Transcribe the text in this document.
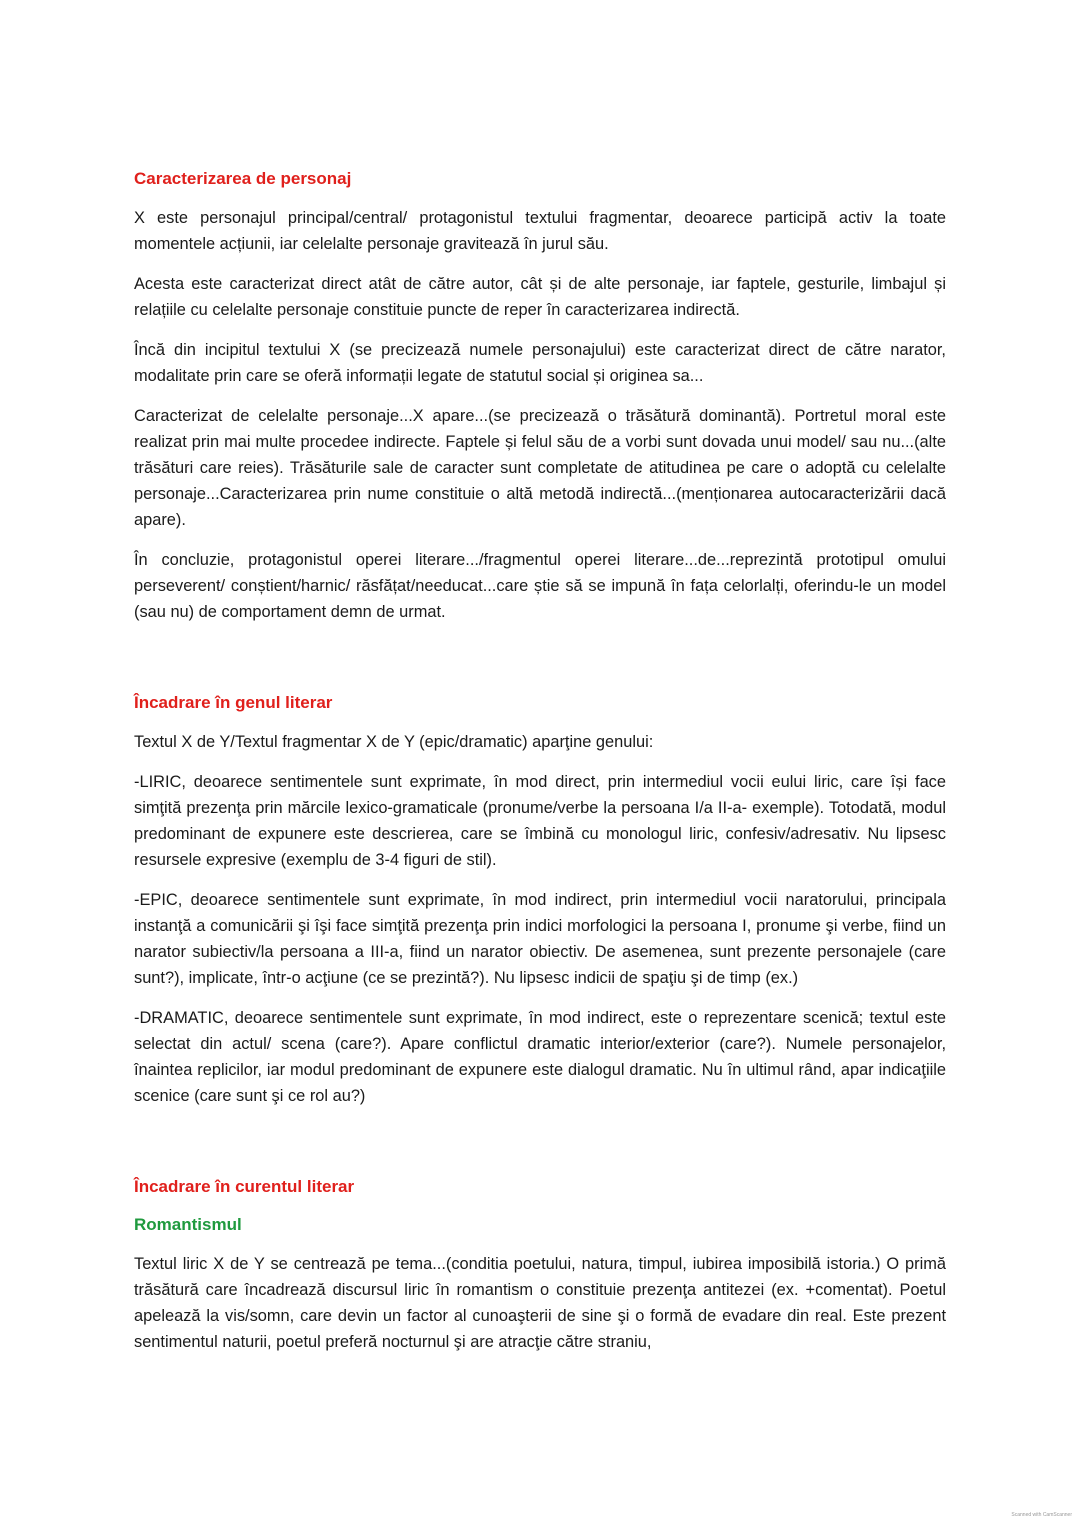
Caracterizarea de personaj

X este personajul principal/central/ protagonistul textului fragmentar, deoarece participă activ la toate momentele acțiunii, iar celelalte personaje gravitează în jurul său.

Acesta este caracterizat direct atât de către autor, cât și de alte personaje, iar faptele, gesturile, limbajul și relațiile cu celelalte personaje constituie puncte de reper în caracterizarea indirectă.

Încă din incipitul textului X (se precizează numele personajului) este caracterizat direct de către narator, modalitate prin care se oferă informații legate de statutul social și originea sa...

Caracterizat de celelalte personaje...X apare...(se precizează o trăsătură dominantă). Portretul moral este realizat prin mai multe procedee indirecte. Faptele și felul său de a vorbi sunt dovada unui model/ sau nu...(alte trăsături care reies). Trăsăturile sale de caracter sunt completate de atitudinea pe care o adoptă cu celelalte personaje...Caracterizarea prin nume constituie o altă metodă indirectă...(menționarea autocaracterizării dacă apare).

În concluzie, protagonistul operei literare.../fragmentul operei literare...de...reprezintă prototipul omului perseverent/ conștient/harnic/ răsfățat/needucat...care știe să se impună în fața celorlalți, oferindu-le un model (sau nu) de comportament demn de urmat.

Încadrare în genul literar

Textul X de Y/Textul fragmentar X de Y (epic/dramatic) aparţine genului:

-LIRIC, deoarece sentimentele sunt exprimate, în mod direct, prin intermediul vocii eului liric, care își face simţită prezenţa prin mărcile lexico-gramaticale (pronume/verbe la persoana I/a II-a- exemple). Totodată, modul predominant de expunere este descrierea, care se îmbină cu monologul liric, confesiv/adresativ. Nu lipsesc resursele expresive (exemplu de 3-4 figuri de stil).

-EPIC, deoarece sentimentele sunt exprimate, în mod indirect, prin intermediul vocii naratorului, principala instanţă a comunicării şi îşi face simţită prezenţa prin indici morfologici la persoana I, pronume şi verbe, fiind un narator subiectiv/la persoana a III-a, fiind un narator obiectiv. De asemenea, sunt prezente personajele (care sunt?), implicate, într-o acţiune (ce se prezintă?). Nu lipsesc indicii de spaţiu şi de timp (ex.)

-DRAMATIC, deoarece sentimentele sunt exprimate, în mod indirect, este o reprezentare scenică; textul este selectat din actul/ scena (care?). Apare conflictul dramatic interior/exterior (care?). Numele personajelor, înaintea replicilor, iar modul predominant de expunere este dialogul dramatic. Nu în ultimul rând, apar indicaţiile scenice (care sunt şi ce rol au?)

Încadrare în curentul literar
Romantismul

Textul liric X de Y se centrează pe tema...(conditia poetului, natura, timpul, iubirea imposibilă istoria.) O primă trăsătură care încadrează discursul liric în romantism o constituie prezenţa antitezei (ex. +comentat). Poetul apelează la vis/somn, care devin un factor al cunoaşterii de sine şi o formă de evadare din real. Este prezent sentimentul naturii, poetul preferă nocturnul şi are atracţie către straniu,

Scanned with CamScanner
